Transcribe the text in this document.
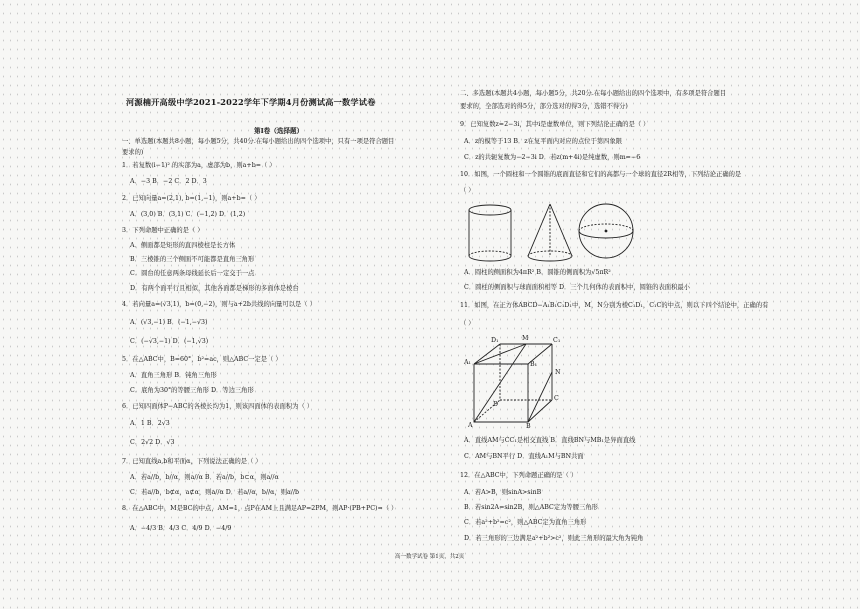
河源楠开高级中学2021-2022学年下学期4月份测试高一数学试卷
第Ⅰ卷（选择题）
一、单选题(本题共8小题，每小题5分，共40分.在每小题给出的四个选项中，只有一项是符合题目
要求的)
1．若复数(i−1)² 的实部为a，虚部为b，则a+b=（ ）
A．−3 B．−2 C．2 D．3
2．已知向量a=(2,1), b=(1,−1)，则a+b=（ ）
A．(3,0) B．(3,1) C．(−1,2) D．(1,2)
3．下列命题中正确的是（ ）
A．侧面都是矩形的直四棱柱是长方体
B．三棱锥的三个侧面不可能都是直角三角形
C．圆台的任意两条母线延长后一定交于一点
D．有两个面平行且相似，其他各面都是梯形的多面体是棱台
4．若向量a=(√3,1)，b=(0,−2)，则与a+2b共线的向量可以是（ ）
A．(√3,−1) B．(−1,−√3)
C．(−√3,−1) D．(−1,√3)
5．在△ABC中，B=60°，b²=ac，则△ABC一定是（ ）
A．直角三角形 B．钝角三角形
C．底角为30°的等腰三角形 D．等边三角形
6．已知四面体P−ABC的各棱长均为1，则该四面体的表面积为（ ）
A．1 B．2√3
C．2√2 D．√3
7．已知直线a,b和平面α，下列说法正确的是（ ）
A．若a//b，b//α，则a//α B．若a//b，b⊂α，则a//α
C．若a//b，b⊄α，a⊄α，则a//α D．若a//α，b//α，则a//b
8．在△ABC中，M是BC的中点，AM=1，点P在AM上且满足AP=2PM，则AP·(PB+PC)=（ ）
A．−4/3 B．4/3 C．4/9 D．−4/9
二、多选题(本题共4小题，每小题5分，共20分.在每小题给出的四个选项中，有多项是符合题目
要求的，全部选对的得5分，部分选对的得3分，选错不得分)
9．已知复数z=2−3i，其中i是虚数单位，则下列结论正确的是（ ）
A．z的模等于13 B．z在复平面内对应的点位于第四象限
C．z的共轭复数为−2−3i D．若z(m+4i)是纯虚数，则m=−6
10．如图，一个圆柱和一个圆锥的底面直径和它们的高都与一个球的直径2R相等，下列结论正确的是
（ ）
A．圆柱的侧面积为4πR² B．圆锥的侧面积为√5πR²
C．圆柱的侧面积与球面面积相等 D．三个几何体的表面积中，圆锥的表面积最小
11．如图，在正方体ABCD−A₁B₁C₁D₁中，M，N分别为棱C₁D₁，C₁C的中点，则以下四个结论中，正确的有
（ ）
D₁	M	C₁
A₁	B₁
N
D
C
A	B
A．直线AM与CC₁是相交直线 B．直线BN与MB₁是异面直线
C．AM与BN平行 D．直线A₁M与BN共面
12．在△ABC中，下列命题正确的是（ ）
A．若A>B，则sinA>sinB
B．若sin2A=sin2B，则△ABC定为等腰三角形
C．若a²+b²=c²，则△ABC定为直角三角形
D．若三角形的三边满足a²+b²>c²，则此三角形的最大角为钝角
高一数学试卷 第1页，共2页
